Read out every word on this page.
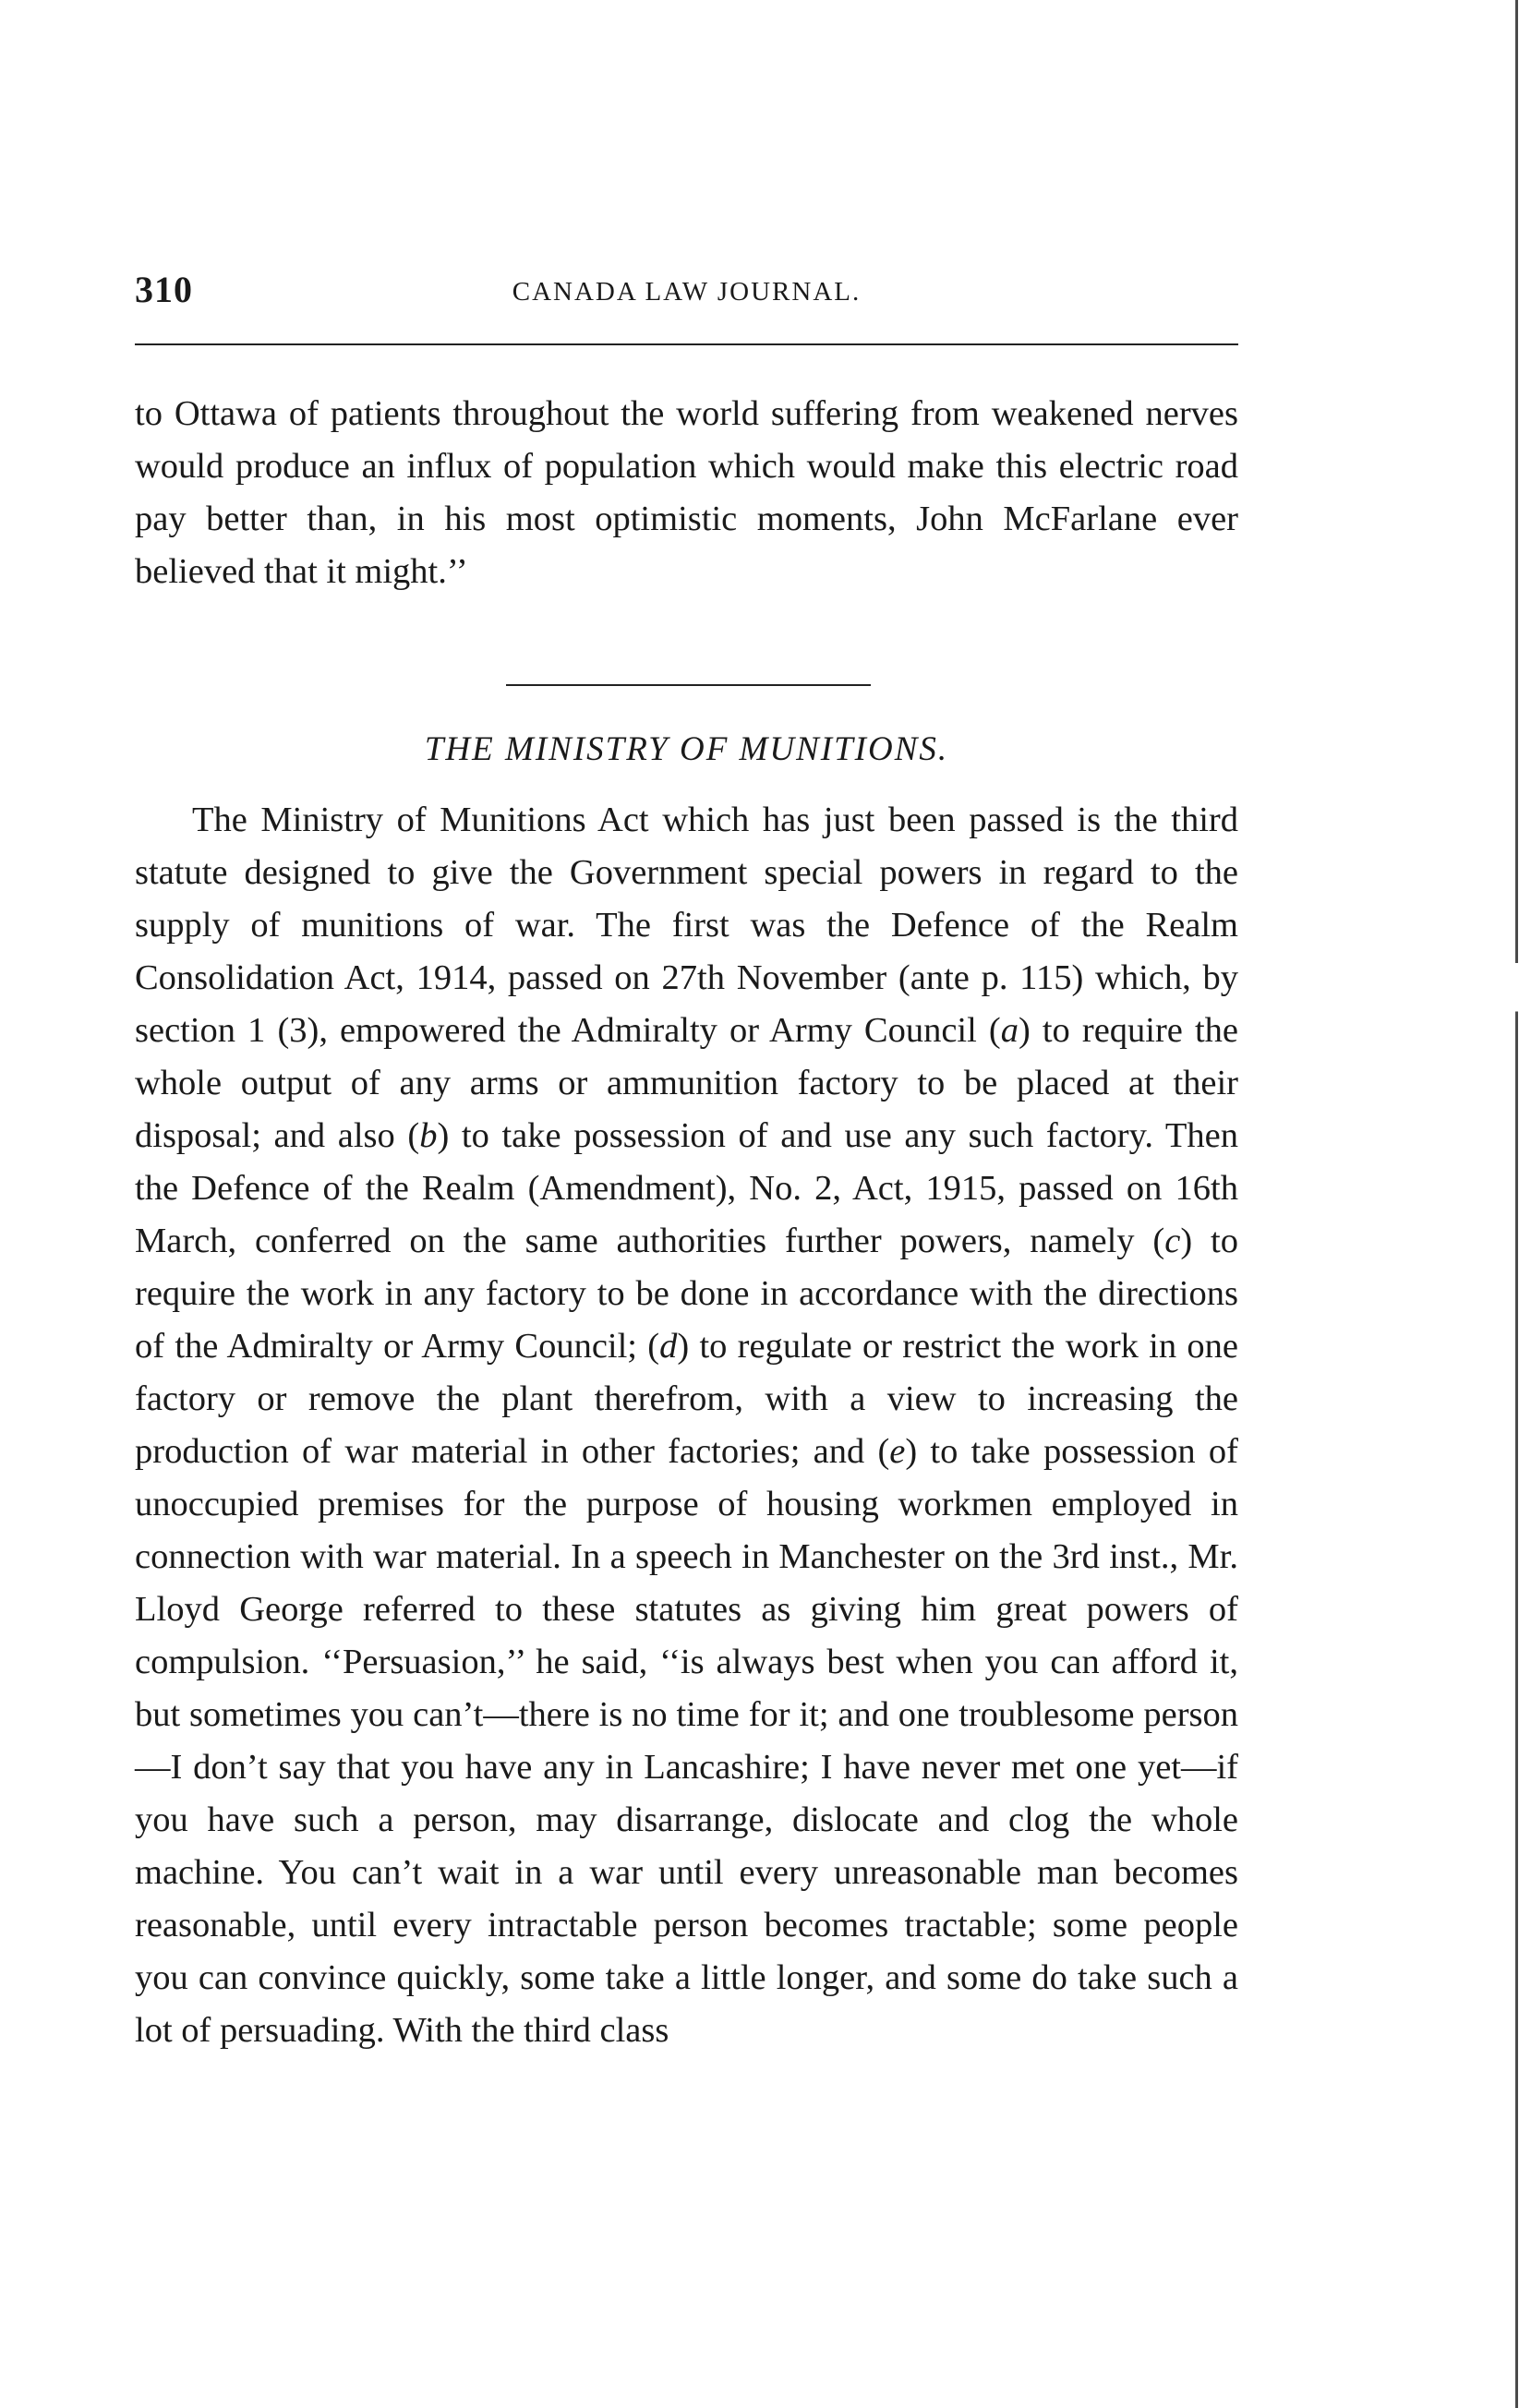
310	CANADA LAW JOURNAL.

to Ottawa of patients throughout the world suffering from weakened nerves would produce an influx of population which would make this electric road pay better than, in his most optimistic moments, John McFarlane ever believed that it might.’’

THE MINISTRY OF MUNITIONS.

The Ministry of Munitions Act which has just been passed is the third statute designed to give the Government special powers in regard to the supply of munitions of war. The first was the Defence of the Realm Consolidation Act, 1914, passed on 27th November (ante p. 115) which, by section 1 (3), empowered the Admiralty or Army Council (a) to require the whole output of any arms or ammunition factory to be placed at their disposal; and also (b) to take possession of and use any such factory. Then the Defence of the Realm (Amendment), No. 2, Act, 1915, passed on 16th March, conferred on the same authorities further powers, namely (c) to require the work in any factory to be done in accordance with the directions of the Admiralty or Army Council; (d) to regulate or restrict the work in one factory or remove the plant therefrom, with a view to increasing the production of war material in other factories; and (e) to take possession of unoccupied premises for the purpose of housing workmen employed in connection with war material. In a speech in Manchester on the 3rd inst., Mr. Lloyd George referred to these statutes as giving him great powers of compulsion. ‘‘Persuasion,’’ he said, ‘‘is always best when you can afford it, but sometimes you can’t—there is no time for it; and one troublesome person—I don’t say that you have any in Lancashire; I have never met one yet—if you have such a person, may disarrange, dislocate and clog the whole machine. You can’t wait in a war until every unreasonable man becomes reasonable, until every intractable person becomes tractable; some people you can convince quickly, some take a little longer, and some do take such a lot of persuading. With the third class
